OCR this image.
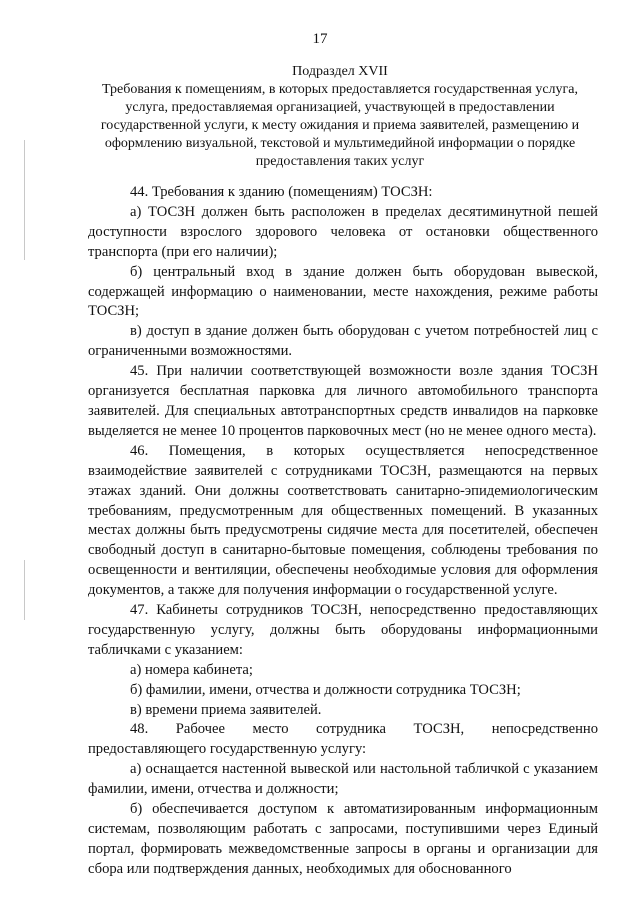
17
Подраздел XVII
Требования к помещениям, в которых предоставляется государственная услуга, услуга, предоставляемая организацией, участвующей в предоставлении государственной услуги, к месту ожидания и приема заявителей, размещению и оформлению визуальной, текстовой и мультимедийной информации о порядке предоставления таких услуг

44. Требования к зданию (помещениям) ТОСЗН:

а) ТОСЗН должен быть расположен в пределах десятиминутной пешей доступности взрослого здорового человека от остановки общественного транспорта (при его наличии);

б) центральный вход в здание должен быть оборудован вывеской, содержащей информацию о наименовании, месте нахождения, режиме работы ТОСЗН;

в) доступ в здание должен быть оборудован с учетом потребностей лиц с ограниченными возможностями.

45. При наличии соответствующей возможности возле здания ТОСЗН организуется бесплатная парковка для личного автомобильного транспорта заявителей. Для специальных автотранспортных средств инвалидов на парковке выделяется не менее 10 процентов парковочных мест (но не менее одного места).

46. Помещения, в которых осуществляется непосредственное взаимодействие заявителей с сотрудниками ТОСЗН, размещаются на первых этажах зданий. Они должны соответствовать санитарно-эпидемиологическим требованиям, предусмотренным для общественных помещений. В указанных местах должны быть предусмотрены сидячие места для посетителей, обеспечен свободный доступ в санитарно-бытовые помещения, соблюдены требования по освещенности и вентиляции, обеспечены необходимые условия для оформления документов, а также для получения информации о государственной услуге.

47. Кабинеты сотрудников ТОСЗН, непосредственно предоставляющих государственную услугу, должны быть оборудованы информационными табличками с указанием:

а) номера кабинета;

б) фамилии, имени, отчества и должности сотрудника ТОСЗН;

в) времени приема заявителей.

48. Рабочее место сотрудника ТОСЗН, непосредственно предоставляющего государственную услугу:

а) оснащается настенной вывеской или настольной табличкой с указанием фамилии, имени, отчества и должности;

б) обеспечивается доступом к автоматизированным информационным системам, позволяющим работать с запросами, поступившими через Единый портал, формировать межведомственные запросы в органы и организации для сбора или подтверждения данных, необходимых для обоснованного
